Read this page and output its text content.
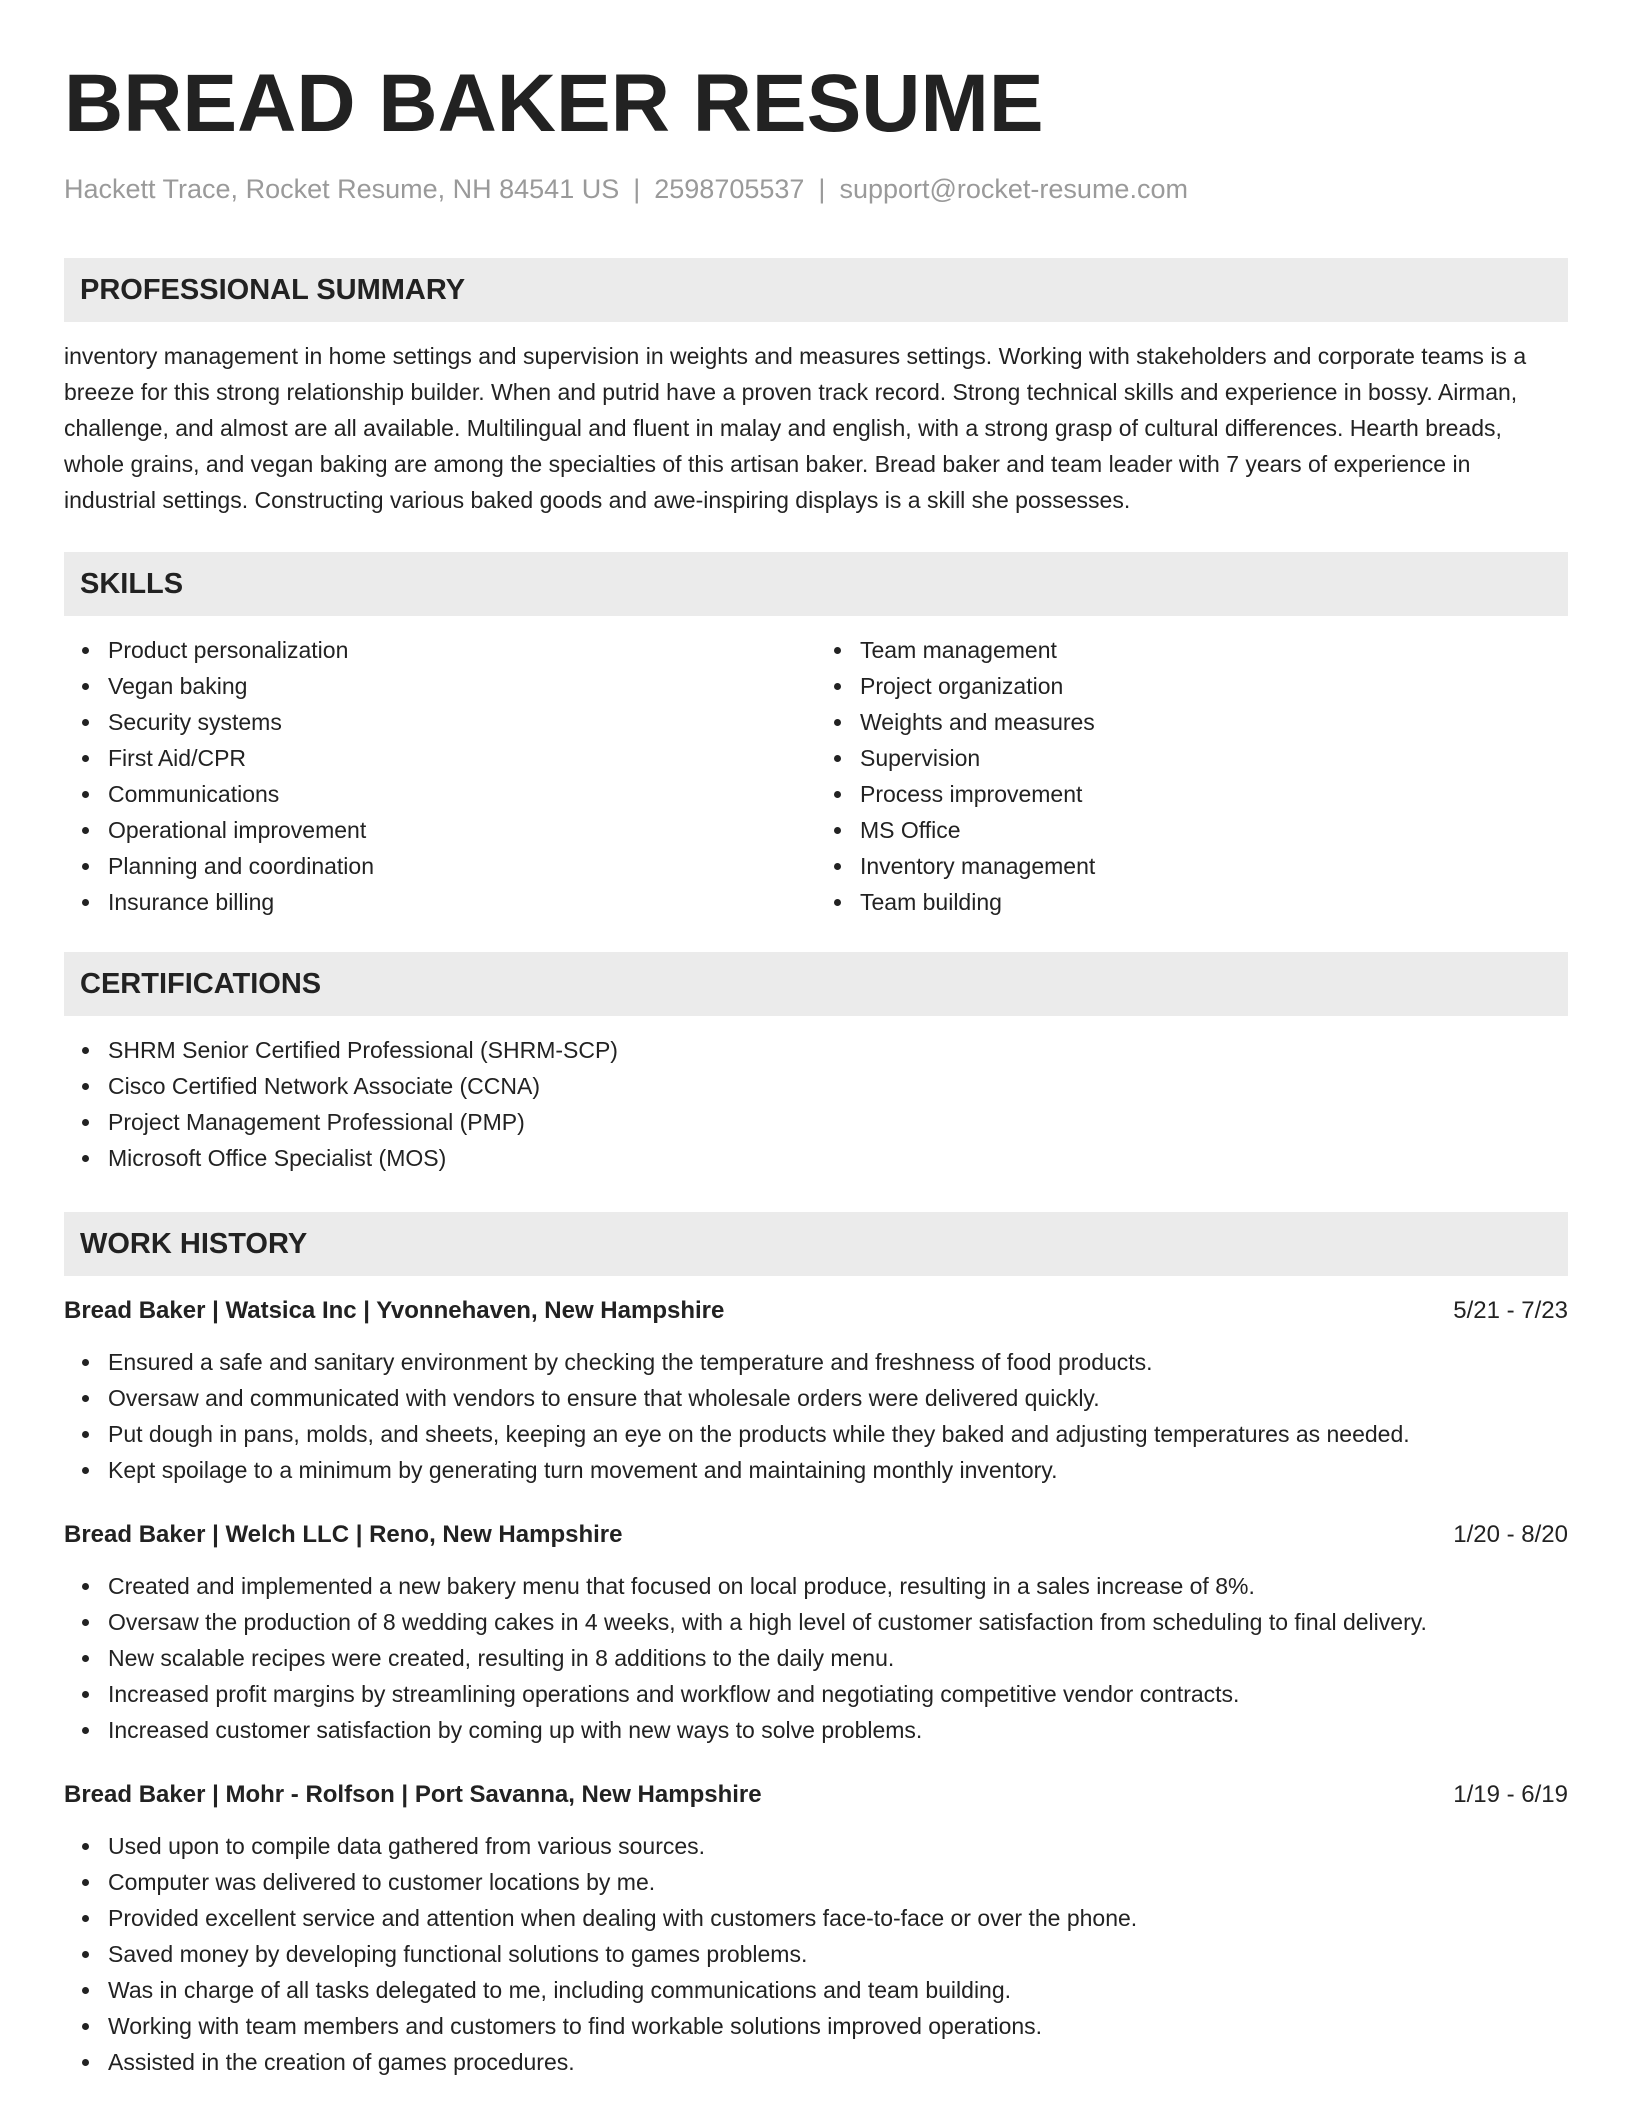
BREAD BAKER RESUME
Hackett Trace, Rocket Resume, NH 84541 US | 2598705537 | support@rocket-resume.com
PROFESSIONAL SUMMARY

inventory management in home settings and supervision in weights and measures settings. Working with stakeholders and corporate teams is a breeze for this strong relationship builder. When and putrid have a proven track record. Strong technical skills and experience in bossy. Airman, challenge, and almost are all available. Multilingual and fluent in malay and english, with a strong grasp of cultural differences. Hearth breads, whole grains, and vegan baking are among the specialties of this artisan baker. Bread baker and team leader with 7 years of experience in industrial settings. Constructing various baked goods and awe-inspiring displays is a skill she possesses.

SKILLS
Product personalization
Vegan baking
Security systems
First Aid/CPR
Communications
Operational improvement
Planning and coordination
Insurance billing
Team management
Project organization
Weights and measures
Supervision
Process improvement
MS Office
Inventory management
Team building
CERTIFICATIONS
SHRM Senior Certified Professional (SHRM-SCP)
Cisco Certified Network Associate (CCNA)
Project Management Professional (PMP)
Microsoft Office Specialist (MOS)
WORK HISTORY
Bread Baker | Watsica Inc | Yvonnehaven, New Hampshire	5/21 - 7/23
Ensured a safe and sanitary environment by checking the temperature and freshness of food products.
Oversaw and communicated with vendors to ensure that wholesale orders were delivered quickly.
Put dough in pans, molds, and sheets, keeping an eye on the products while they baked and adjusting temperatures as needed.
Kept spoilage to a minimum by generating turn movement and maintaining monthly inventory.
Bread Baker | Welch LLC | Reno, New Hampshire	1/20 - 8/20
Created and implemented a new bakery menu that focused on local produce, resulting in a sales increase of 8%.
Oversaw the production of 8 wedding cakes in 4 weeks, with a high level of customer satisfaction from scheduling to final delivery.
New scalable recipes were created, resulting in 8 additions to the daily menu.
Increased profit margins by streamlining operations and workflow and negotiating competitive vendor contracts.
Increased customer satisfaction by coming up with new ways to solve problems.
Bread Baker | Mohr - Rolfson | Port Savanna, New Hampshire	1/19 - 6/19
Used upon to compile data gathered from various sources.
Computer was delivered to customer locations by me.
Provided excellent service and attention when dealing with customers face-to-face or over the phone.
Saved money by developing functional solutions to games problems.
Was in charge of all tasks delegated to me, including communications and team building.
Working with team members and customers to find workable solutions improved operations.
Assisted in the creation of games procedures.
